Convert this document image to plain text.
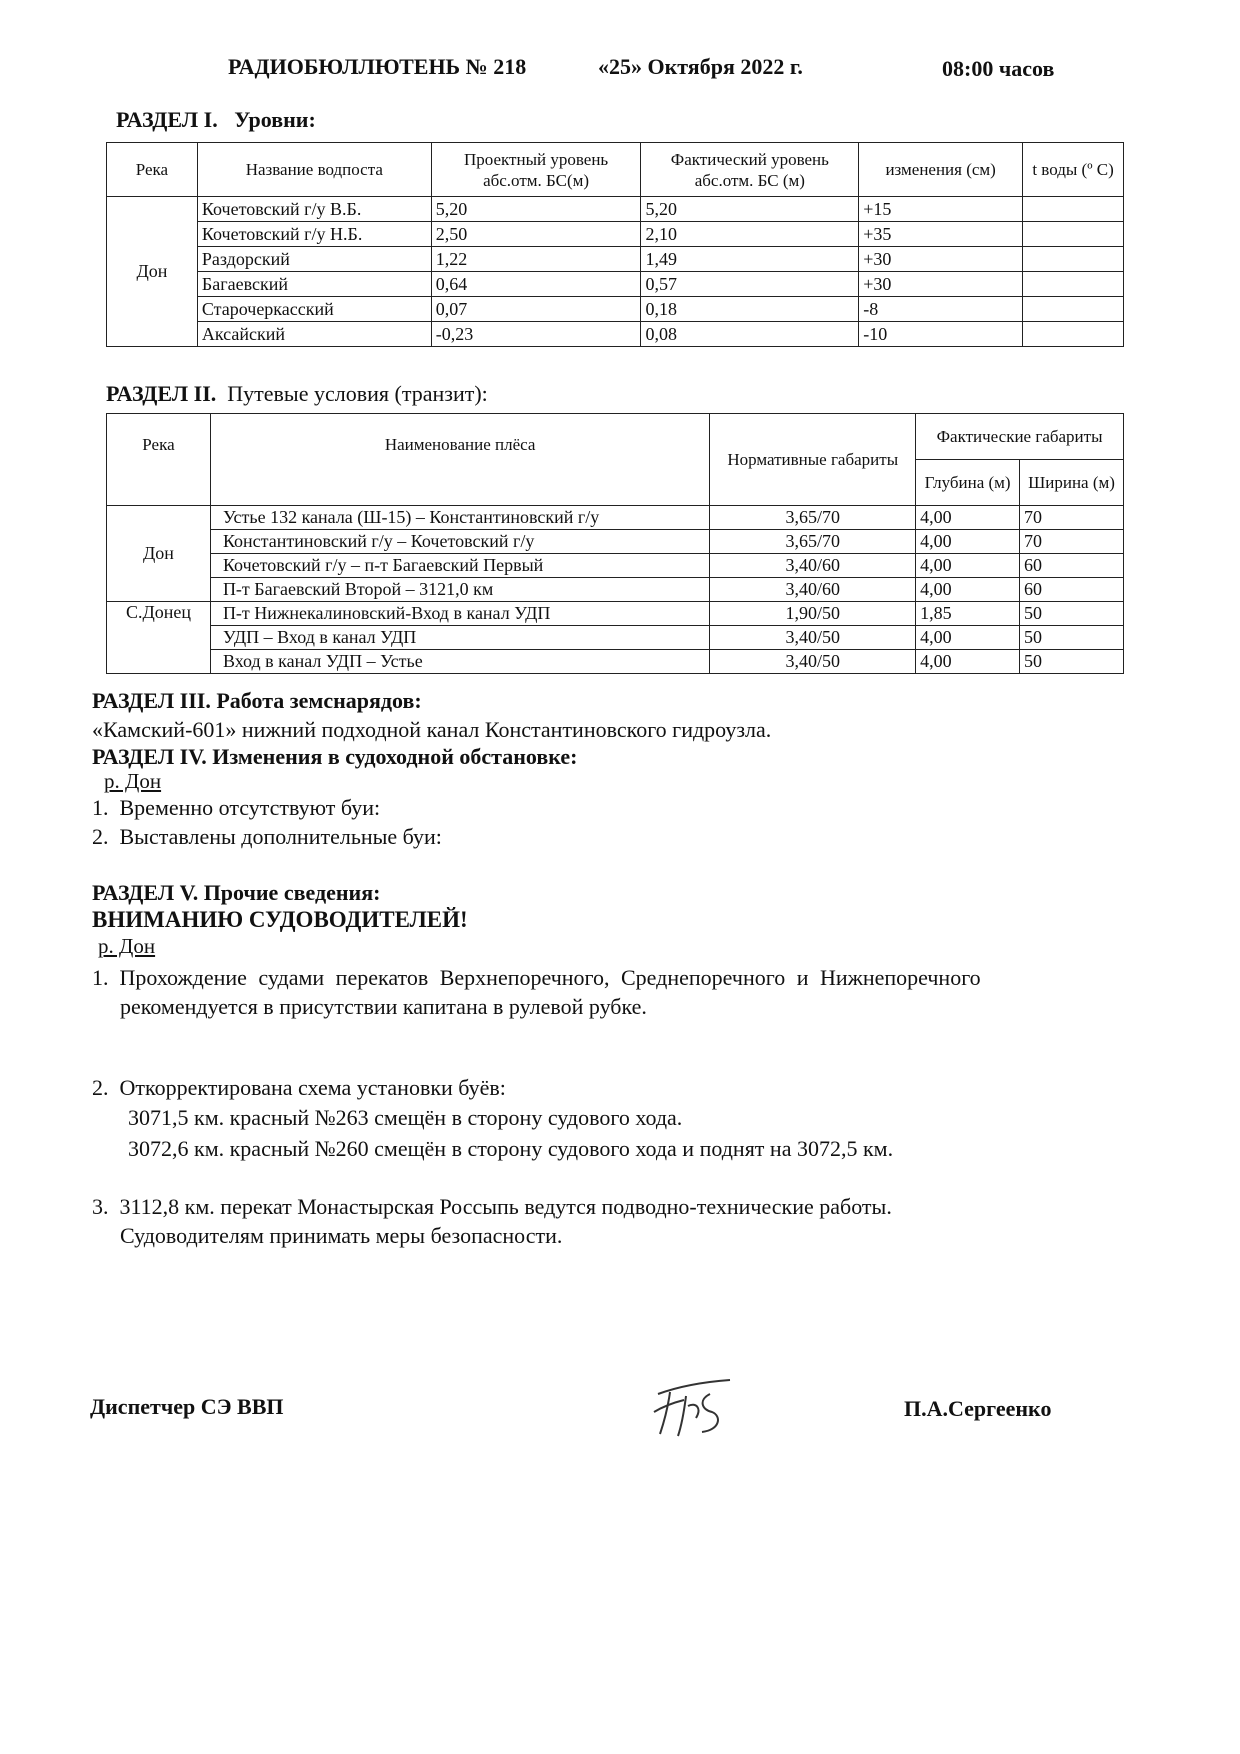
РАДИОБЮЛЛЮТЕНЬ № 218	«25» Октября 2022 г.	08:00 часов
РАЗДЕЛ I. Уровни:
Река	Название водпоста	Проектный уровень абс.отм. БС(м)	Фактический уровень абс.отм. БС (м)	изменения (см)	t воды (º С)
Дон	Кочетовский г/у В.Б.	5,20	5,20	+15	
	Кочетовский г/у Н.Б.	2,50	2,10	+35	
	Раздорский	1,22	1,49	+30	
	Багаевский	0,64	0,57	+30	
	Старочеркасский	0,07	0,18	-8	
	Аксайский	-0,23	0,08	-10	
РАЗДЕЛ II. Путевые условия (транзит):
Река	Наименование плёса	Нормативные габариты	Фактические габариты	
			Глубина (м)	Ширина (м)
Дон	Устье 132 канала (Ш-15) – Константиновский г/у	3,65/70	4,00	70
	Константиновский г/у – Кочетовский г/у	3,65/70	4,00	70
	Кочетовский г/у – п-т Багаевский Первый	3,40/60	4,00	60
	П-т Багаевский Второй – 3121,0 км	3,40/60	4,00	60
С.Донец	П-т Нижнекалиновский-Вход в канал УДП	1,90/50	1,85	50
	УДП – Вход в канал УДП	3,40/50	4,00	50
	Вход в канал УДП – Устье	3,40/50	4,00	50
РАЗДЕЛ III. Работа земснарядов:
«Камский-601» нижний подходной канал Константиновского гидроузла.
РАЗДЕЛ IV. Изменения в судоходной обстановке:
р. Дон
1.  Временно отсутствуют буи:
2.  Выставлены дополнительные буи:
РАЗДЕЛ V. Прочие сведения:
ВНИМАНИЮ СУДОВОДИТЕЛЕЙ!
р. Дон
1.  Прохождение судами перекатов Верхнепоречного, Среднепоречного и Нижнепоречного
рекомендуется в присутствии капитана в рулевой рубке.
2.  Откорректирована схема установки буёв:
3071,5 км. красный №263 смещён в сторону судового хода.
3072,6 км. красный №260 смещён в сторону судового хода и поднят на 3072,5 км.
3.  3112,8 км. перекат Монастырская Россыпь ведутся подводно-технические работы.
Судоводителям принимать меры безопасности.
Диспетчер СЭ ВВП	П.А.Сергеенко
